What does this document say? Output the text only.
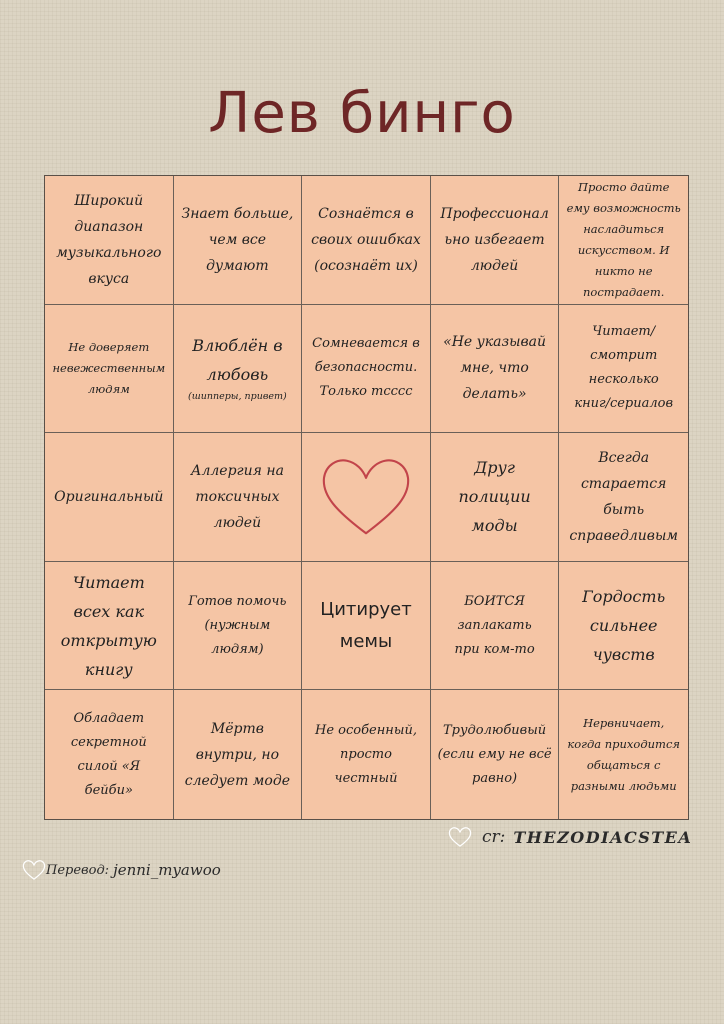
Лев бинго
Широкий
диапазон
музыкального
вкуса
Знает больше,
чем все
думают
Сознаётся в
своих ошибках
(осознаёт их)
Профессионал
ьно избегает
людей
Просто дайте
ему возможность
насладиться
искусством. И
никто не
пострадает.
Не доверяет
невежественным
людям
Влюблён в
любовь
(шипперы, привет)
Сомневается в
безопасности.
Только тсссс
«Не указывай
мне, что
делать»
Читает/
смотрит
несколько
книг/сериалов
Оригинальный
Аллергия на
токсичных
людей
Друг
полиции
моды
Всегда
старается
быть
справедливым
Читает
всех как
открытую
книгу
Готов помочь
(нужным
людям)
Цитирует
мемы
БОИТСЯ
заплакать
при ком-то
Гордость
сильнее
чувств
Обладает
секретной
силой «Я
бейби»
Мёртв
внутри, но
следует моде
Не особенный,
просто
честный
Трудолюбивый
(если ему не всё
равно)
Нервничает,
когда приходится
общаться с
разными людьми
cr: THEZODIACSTEA
Перевод: jenni_myawoo
